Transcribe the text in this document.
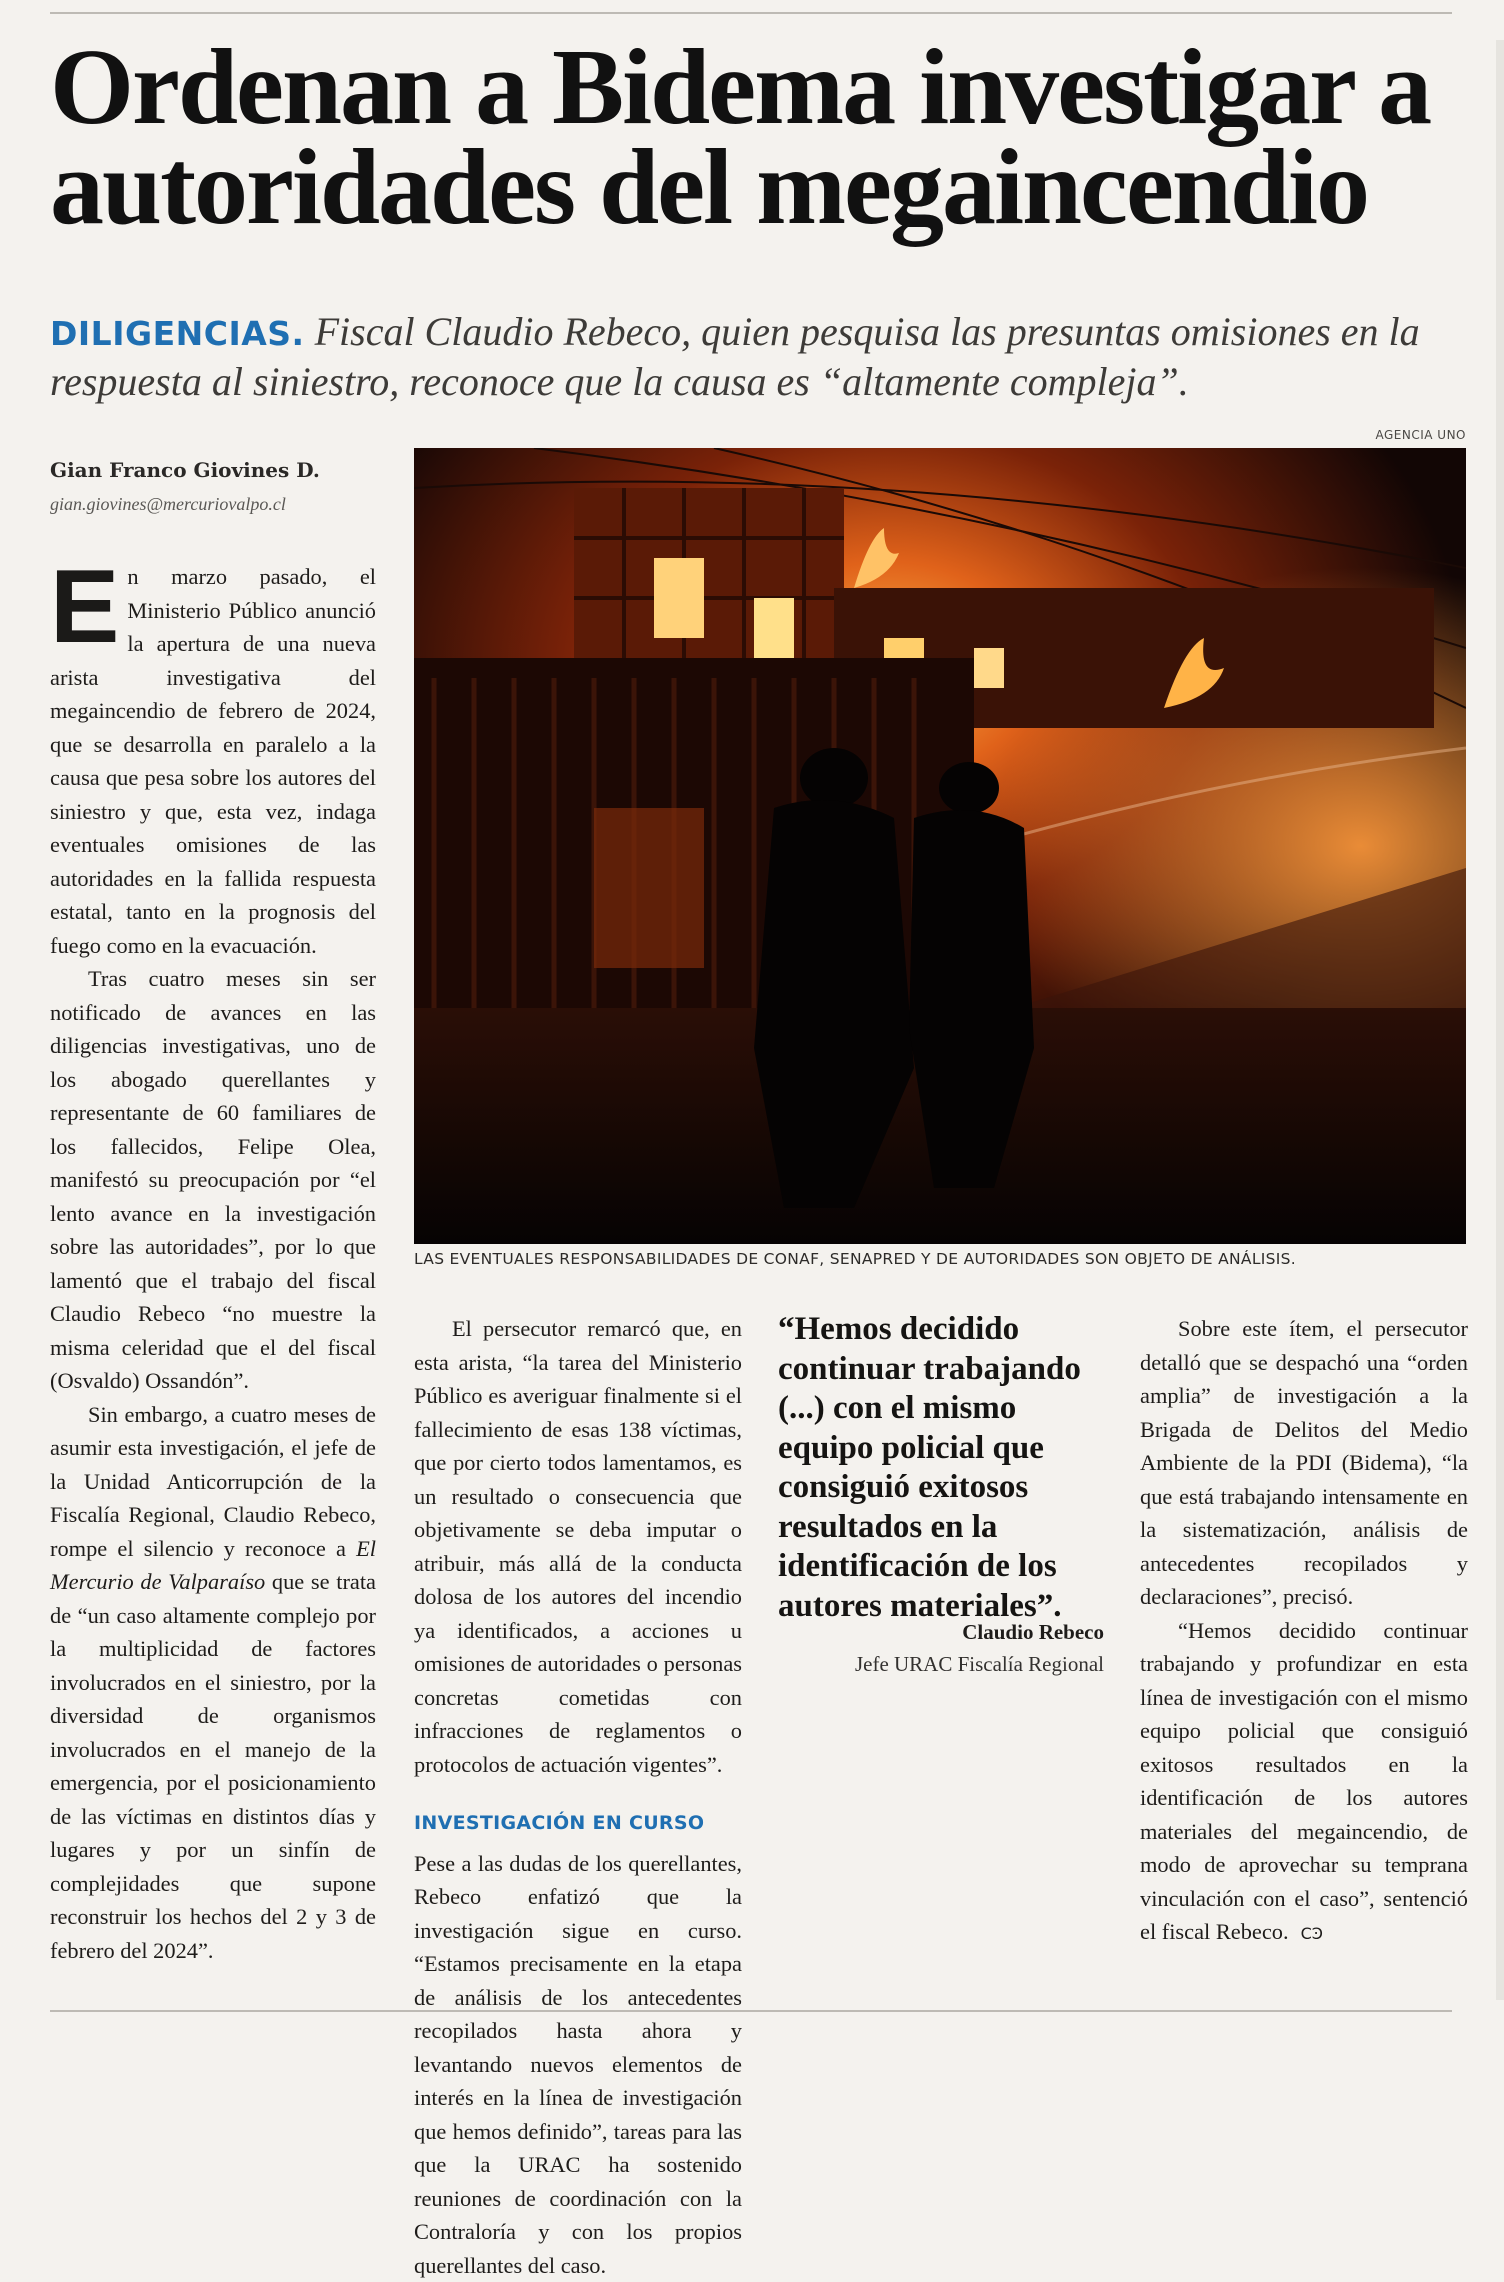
Ordenan a Bidema investigar a autoridades del megaincendio
DILIGENCIAS. Fiscal Claudio Rebeco, quien pesquisa las presuntas omisiones en la respuesta al siniestro, reconoce que la causa es “altamente compleja”.
AGENCIA UNO
Gian Franco Giovines D.
gian.giovines@mercuriovalpo.cl
LAS EVENTUALES RESPONSABILIDADES DE CONAF, SENAPRED Y DE AUTORIDADES SON OBJETO DE ANÁLISIS.

En marzo pasado, el Ministerio Público anunció la apertura de una nueva arista investigativa del megaincendio de febrero de 2024, que se desarrolla en paralelo a la causa que pesa sobre los autores del siniestro y que, esta vez, indaga eventuales omisiones de las autoridades en la fallida respuesta estatal, tanto en la prognosis del fuego como en la evacuación.

Tras cuatro meses sin ser notificado de avances en las diligencias investigativas, uno de los abogado querellantes y representante de 60 familiares de los fallecidos, Felipe Olea, manifestó su preocupación por “el lento avance en la investigación sobre las autoridades”, por lo que lamentó que el trabajo del fiscal Claudio Rebeco “no muestre la misma celeridad que el del fiscal (Osvaldo) Ossandón”.

Sin embargo, a cuatro meses de asumir esta investigación, el jefe de la Unidad Anticorrupción de la Fiscalía Regional, Claudio Rebeco, rompe el silencio y reconoce a El Mercurio de Valparaíso que se trata de “un caso altamente complejo por la multiplicidad de factores involucrados en el siniestro, por la diversidad de organismos involucrados en el manejo de la emergencia, por el posicionamiento de las víctimas en distintos días y lugares y por un sinfín de complejidades que supone reconstruir los hechos del 2 y 3 de febrero del 2024”.

El persecutor remarcó que, en esta arista, “la tarea del Ministerio Público es averiguar finalmente si el fallecimiento de esas 138 víctimas, que por cierto todos lamentamos, es un resultado o consecuencia que objetivamente se deba imputar o atribuir, más allá de la conducta dolosa de los autores del incendio ya identificados, a acciones u omisiones de autoridades o personas concretas cometidas con infracciones de reglamentos o protocolos de actuación vigentes”.

INVESTIGACIÓN EN CURSO

Pese a las dudas de los querellantes, Rebeco enfatizó que la investigación sigue en curso. “Estamos precisamente en la etapa de análisis de los antecedentes recopilados hasta ahora y levantando nuevos elementos de interés en la línea de investigación que hemos definido”, tareas para las que la URAC ha sostenido reuniones de coordinación con la Contraloría y con los propios querellantes del caso.

“Hemos decidido continuar trabajando (...) con el mismo equipo policial que consiguió exitosos resultados en la identificación de los autores materiales”.
Claudio Rebeco
Jefe URAC Fiscalía Regional

Sobre este ítem, el persecutor detalló que se despachó una “orden amplia” de investigación a la Brigada de Delitos del Medio Ambiente de la PDI (Bidema), “la que está trabajando intensamente en la sistematización, análisis de antecedentes recopilados y declaraciones”, precisó.

“Hemos decidido continuar trabajando y profundizar en esta línea de investigación con el mismo equipo policial que consiguió exitosos resultados en la identificación de los autores materiales del megaincendio, de modo de aprovechar su temprana vinculación con el caso”, sentenció el fiscal Rebeco. CϿ
